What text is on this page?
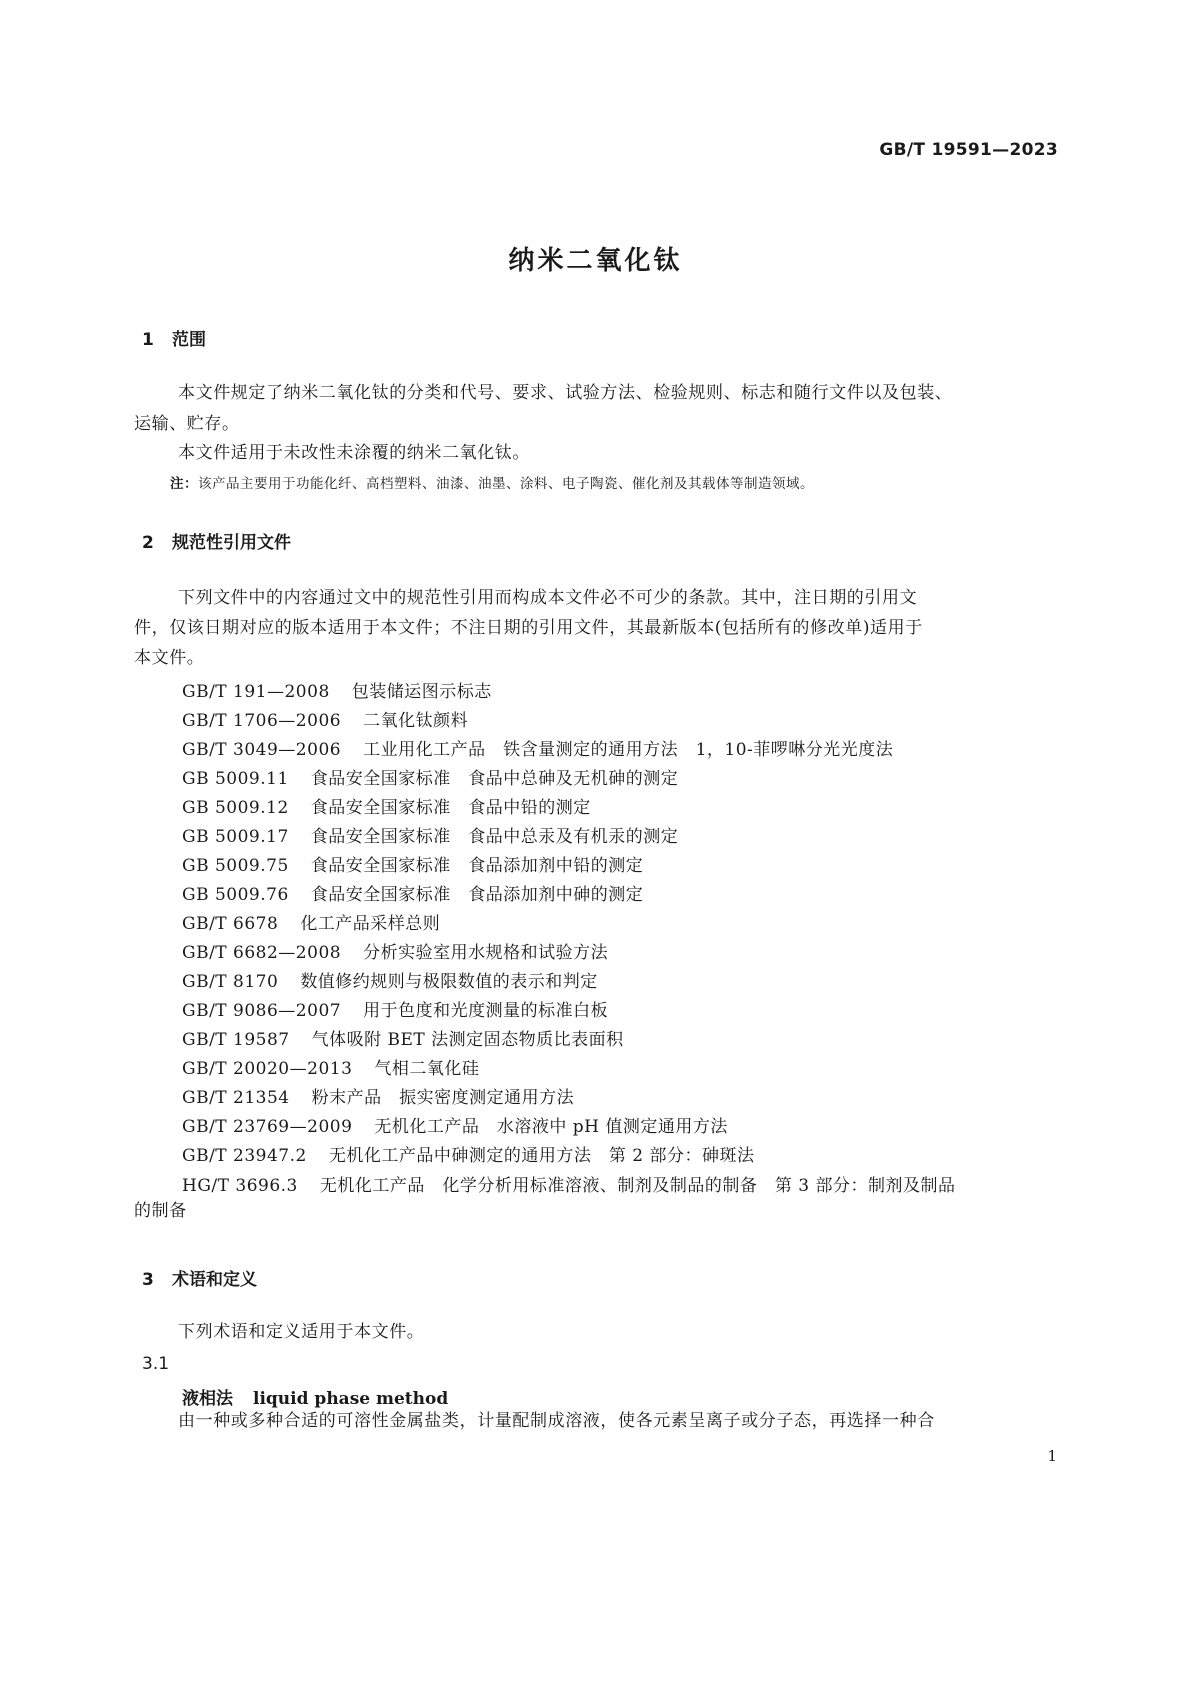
GB/T 19591—2023
纳米二氧化钛
1 范围
本文件规定了纳米二氧化钛的分类和代号、要求、试验方法、检验规则、标志和随行文件以及包装、
运输、贮存。
本文件适用于未改性未涂覆的纳米二氧化钛。
注：该产品主要用于功能化纤、高档塑料、油漆、油墨、涂料、电子陶瓷、催化剂及其载体等制造领域。
2 规范性引用文件
下列文件中的内容通过文中的规范性引用而构成本文件必不可少的条款。其中，注日期的引用文
件，仅该日期对应的版本适用于本文件；不注日期的引用文件，其最新版本(包括所有的修改单)适用于
本文件。
GB/T 191—2008 包装储运图示标志
GB/T 1706—2006 二氧化钛颜料
GB/T 3049—2006 工业用化工产品　铁含量测定的通用方法　1，10-菲啰啉分光光度法
GB 5009.11 食品安全国家标准　食品中总砷及无机砷的测定
GB 5009.12 食品安全国家标准　食品中铅的测定
GB 5009.17 食品安全国家标准　食品中总汞及有机汞的测定
GB 5009.75 食品安全国家标准　食品添加剂中铅的测定
GB 5009.76 食品安全国家标准　食品添加剂中砷的测定
GB/T 6678 化工产品采样总则
GB/T 6682—2008 分析实验室用水规格和试验方法
GB/T 8170 数值修约规则与极限数值的表示和判定
GB/T 9086—2007 用于色度和光度测量的标准白板
GB/T 19587 气体吸附 BET 法测定固态物质比表面积
GB/T 20020—2013 气相二氧化硅
GB/T 21354 粉末产品　振实密度测定通用方法
GB/T 23769—2009 无机化工产品　水溶液中 pH 值测定通用方法
GB/T 23947.2 无机化工产品中砷测定的通用方法　第 2 部分：砷斑法
HG/T 3696.3 无机化工产品　化学分析用标准溶液、制剂及制品的制备　第 3 部分：制剂及制品
的制备
3 术语和定义
下列术语和定义适用于本文件。
3.1
液相法 liquid phase method
由一种或多种合适的可溶性金属盐类，计量配制成溶液，使各元素呈离子或分子态，再选择一种合
1
